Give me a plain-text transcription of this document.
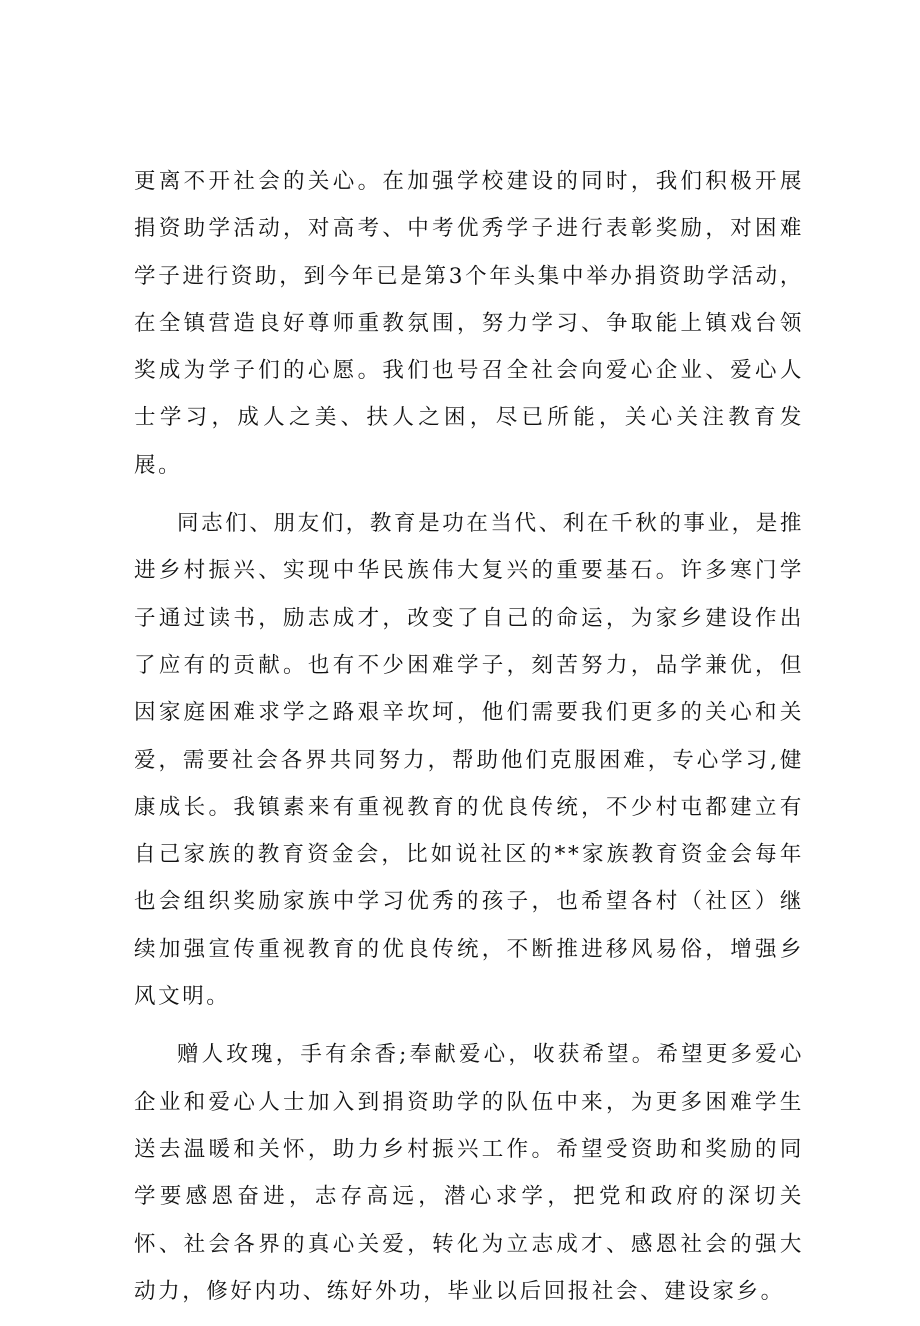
更离不开社会的关心。在加强学校建设的同时，我们积极开展捐资助学活动，对高考、中考优秀学子进行表彰奖励，对困难学子进行资助，到今年已是第3个年头集中举办捐资助学活动，在全镇营造良好尊师重教氛围，努力学习、争取能上镇戏台领奖成为学子们的心愿。我们也号召全社会向爱心企业、爱心人士学习，成人之美、扶人之困，尽已所能，关心关注教育发展。

同志们、朋友们，教育是功在当代、利在千秋的事业，是推进乡村振兴、实现中华民族伟大复兴的重要基石。许多寒门学子通过读书，励志成才，改变了自己的命运，为家乡建设作出了应有的贡献。也有不少困难学子，刻苦努力，品学兼优，但因家庭困难求学之路艰辛坎坷，他们需要我们更多的关心和关爱，需要社会各界共同努力，帮助他们克服困难，专心学习,健康成长。我镇素来有重视教育的优良传统，不少村屯都建立有自己家族的教育资金会，比如说社区的**家族教育资金会每年也会组织奖励家族中学习优秀的孩子，也希望各村（社区）继续加强宣传重视教育的优良传统，不断推进移风易俗，增强乡风文明。

赠人玫瑰，手有余香;奉献爱心，收获希望。希望更多爱心企业和爱心人士加入到捐资助学的队伍中来，为更多困难学生送去温暖和关怀，助力乡村振兴工作。希望受资助和奖励的同学要感恩奋进，志存高远，潜心求学，把党和政府的深切关怀、社会各界的真心关爱，转化为立志成才、感恩社会的强大动力，修好内功、练好外功，毕业以后回报社会、建设家乡。
